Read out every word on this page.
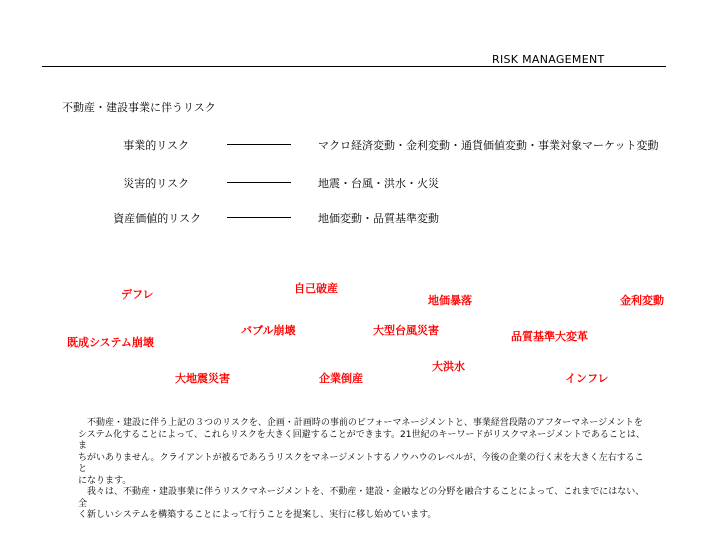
RISK MANAGEMENT
不動産・建設事業に伴うリスク
事業的リスク	マクロ経済変動・金利変動・通貨価値変動・事業対象マーケット変動
災害的リスク	地震・台風・洪水・火災
資産価値的リスク	地価変動・品質基準変動
デフレ	自己破産
地価暴落	金利変動
バブル崩壊	大型台風災害	品質基準大変革
既成システム崩壊
大洪水
大地震災害	企業倒産	インフレ

　不動産・建設に伴う上記の３つのリスクを、企画・計画時の事前のビフォーマネージメントと、事業経営段階のアフターマネージメントを
システム化することによって、これらリスクを大きく回避することができます。21世紀のキーワードがリスクマネージメントであることは、ま
ちがいありません。クライアントが被るであろうリスクをマネージメントするノウハウのレベルが、今後の企業の行く末を大きく左右すること
になります。
　我々は、不動産・建設事業に伴うリスクマネージメントを、不動産・建設・金融などの分野を融合することによって、これまでにはない、全
く新しいシステムを構築することによって行うことを提案し、実行に移し始めています。
